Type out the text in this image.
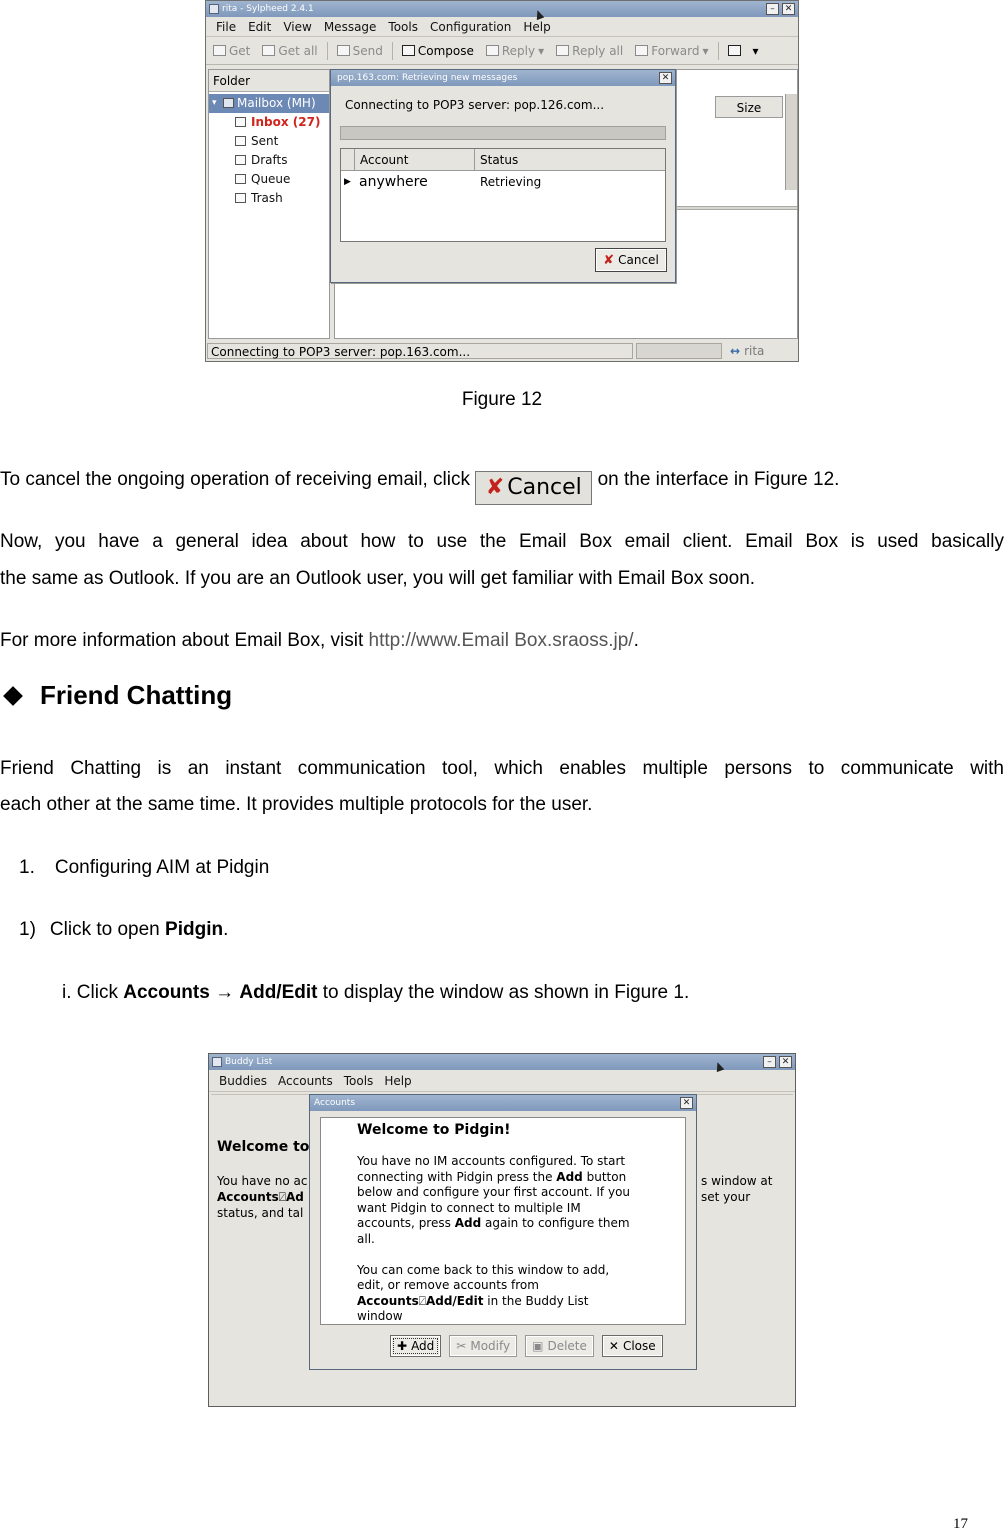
rita - Sylpheed 2.4.1	–	✕
File Edit View Message Tools Configuration Help
Get Get all	Send	Compose Reply ▾ Reply all Forward ▾	▾
Folder
▾ Mailbox (MH)
Inbox (27)
Sent
Drafts
Queue
Trash
Size
Connecting to POP3 server: pop.163.com...	↔ rita
pop.163.com: Retrieving new messages	✕
Connecting to POP3 server: pop.126.com...
Account	Status
▶ anywhere	Retrieving
✘ Cancel
Figure 12
To cancel the ongoing operation of receiving email, click ✘ Cancel on the interface in Figure 12.
Now, you have a general idea about how to use the Email Box email client. Email Box is used basically
the same as Outlook. If you are an Outlook user, you will get familiar with Email Box soon.
For more information about Email Box, visit http://www.Email Box.sraoss.jp/.
Friend Chatting
Friend Chatting is an instant communication tool, which enables multiple persons to communicate with
each other at the same time. It provides multiple protocols for the user.
1. Configuring AIM at Pidgin
1) Click to open Pidgin.
i. Click Accounts → Add/Edit to display the window as shown in Figure 1.
Buddy List	–	✕
Buddies Accounts Tools Help
Welcome to
You have no ac
Accounts⍁Ad
status, and tal
s window at
set your
Accounts	✕
Welcome to Pidgin!

You have no IM accounts configured. To start
connecting with Pidgin press the Add button
below and configure your first account. If you
want Pidgin to connect to multiple IM
accounts, press Add again to configure them
all.

You can come back to this window to add,
edit, or remove accounts from
Accounts⍁Add/Edit in the Buddy List
window

✚ Add ✂ Modify ▣ Delete ✕ Close
17
